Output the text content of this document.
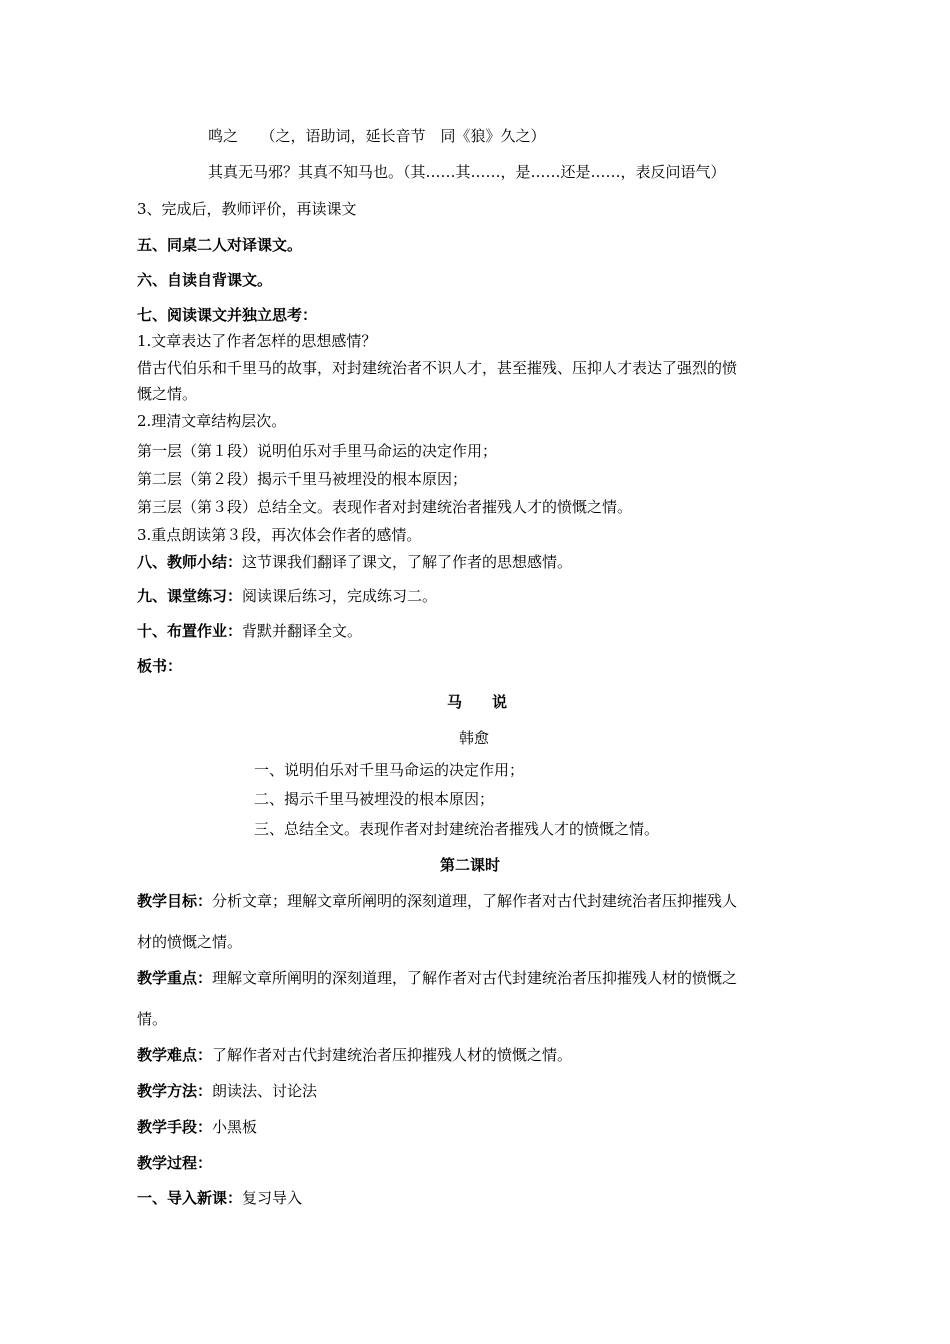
鸣之　　（之，语助词，延长音节　同《狼》久之）
其真无马邪？其真不知马也。（其……其……，是……还是……，表反问语气）
3、完成后，教师评价，再读课文
五、同桌二人对译课文。
六、自读自背课文。
七、阅读课文并独立思考：
1.文章表达了作者怎样的思想感情？
借古代伯乐和千里马的故事，对封建统治者不识人才，甚至摧残、压抑人才表达了强烈的愤
慨之情。
2.理清文章结构层次。
第一层（第１段）说明伯乐对手里马命运的决定作用；
第二层（第２段）揭示千里马被埋没的根本原因；
第三层（第３段）总结全文。表现作者对封建统治者摧残人才的愤慨之情。
3.重点朗读第３段，再次体会作者的感情。
八、教师小结：这节课我们翻译了课文，了解了作者的思想感情。
九、课堂练习：阅读课后练习，完成练习二。
十、布置作业：背默并翻译全文。
板书：
马　　说
韩愈
一、说明伯乐对千里马命运的决定作用；
二、揭示千里马被埋没的根本原因；
三、总结全文。表现作者对封建统治者摧残人才的愤慨之情。
第二课时
教学目标：分析文章；理解文章所阐明的深刻道理，了解作者对古代封建统治者压抑摧残人
材的愤慨之情。
教学重点：理解文章所阐明的深刻道理，了解作者对古代封建统治者压抑摧残人材的愤慨之
情。
教学难点：了解作者对古代封建统治者压抑摧残人材的愤慨之情。
教学方法：朗读法、讨论法
教学手段：小黑板
教学过程：
一、导入新课：复习导入
